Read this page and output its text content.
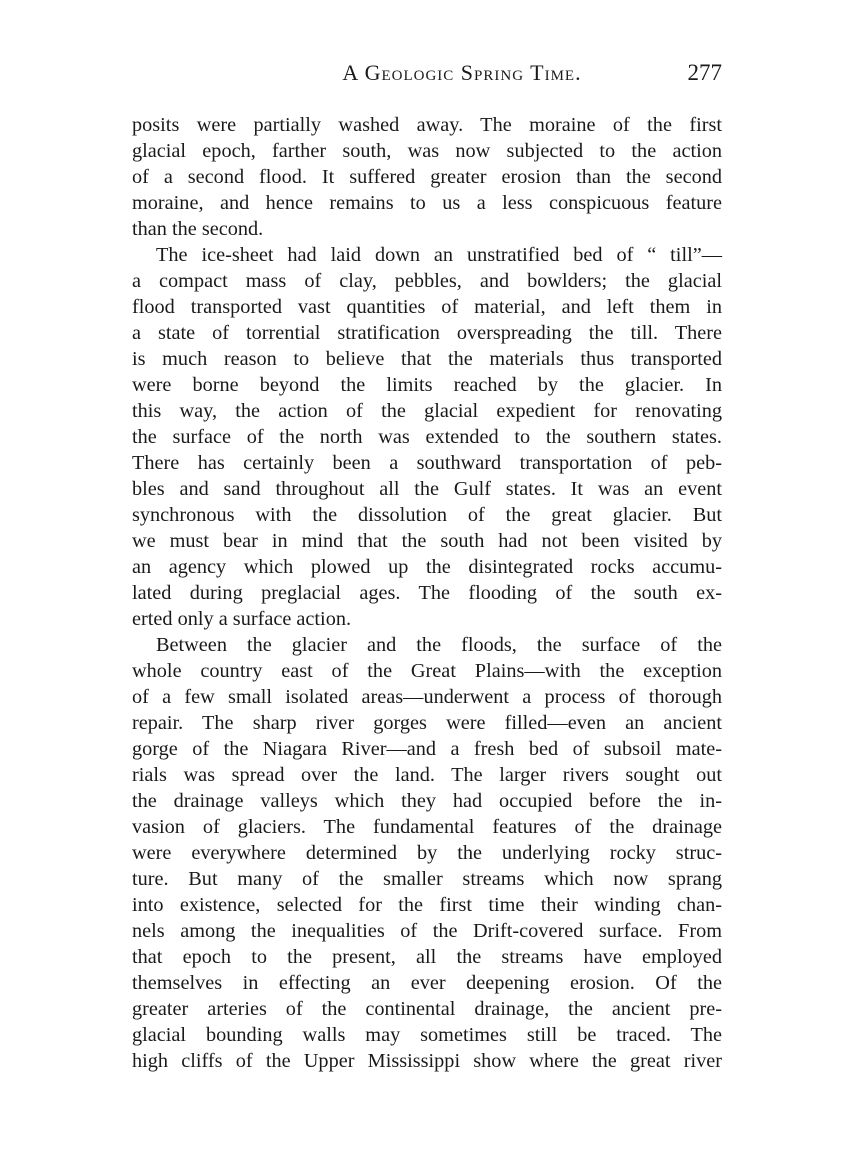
A Geologic Spring Time.	277
posits were partially washed away. The moraine of the first
glacial epoch, farther south, was now subjected to the action
of a second flood. It suffered greater erosion than the second
moraine, and hence remains to us a less conspicuous feature
than the second.
The ice-sheet had laid down an unstratified bed of “ till”—
a compact mass of clay, pebbles, and bowlders; the glacial
flood transported vast quantities of material, and left them in
a state of torrential stratification overspreading the till. There
is much reason to believe that the materials thus transported
were borne beyond the limits reached by the glacier. In
this way, the action of the glacial expedient for renovating
the surface of the north was extended to the southern states.
There has certainly been a southward transportation of peb-
bles and sand throughout all the Gulf states. It was an event
synchronous with the dissolution of the great glacier. But
we must bear in mind that the south had not been visited by
an agency which plowed up the disintegrated rocks accumu-
lated during preglacial ages. The flooding of the south ex-
erted only a surface action.
Between the glacier and the floods, the surface of the
whole country east of the Great Plains—with the exception
of a few small isolated areas—underwent a process of thorough
repair. The sharp river gorges were filled—even an ancient
gorge of the Niagara River—and a fresh bed of subsoil mate-
rials was spread over the land. The larger rivers sought out
the drainage valleys which they had occupied before the in-
vasion of glaciers. The fundamental features of the drainage
were everywhere determined by the underlying rocky struc-
ture. But many of the smaller streams which now sprang
into existence, selected for the first time their winding chan-
nels among the inequalities of the Drift-covered surface. From
that epoch to the present, all the streams have employed
themselves in effecting an ever deepening erosion. Of the
greater arteries of the continental drainage, the ancient pre-
glacial bounding walls may sometimes still be traced. The
high cliffs of the Upper Mississippi show where the great river
